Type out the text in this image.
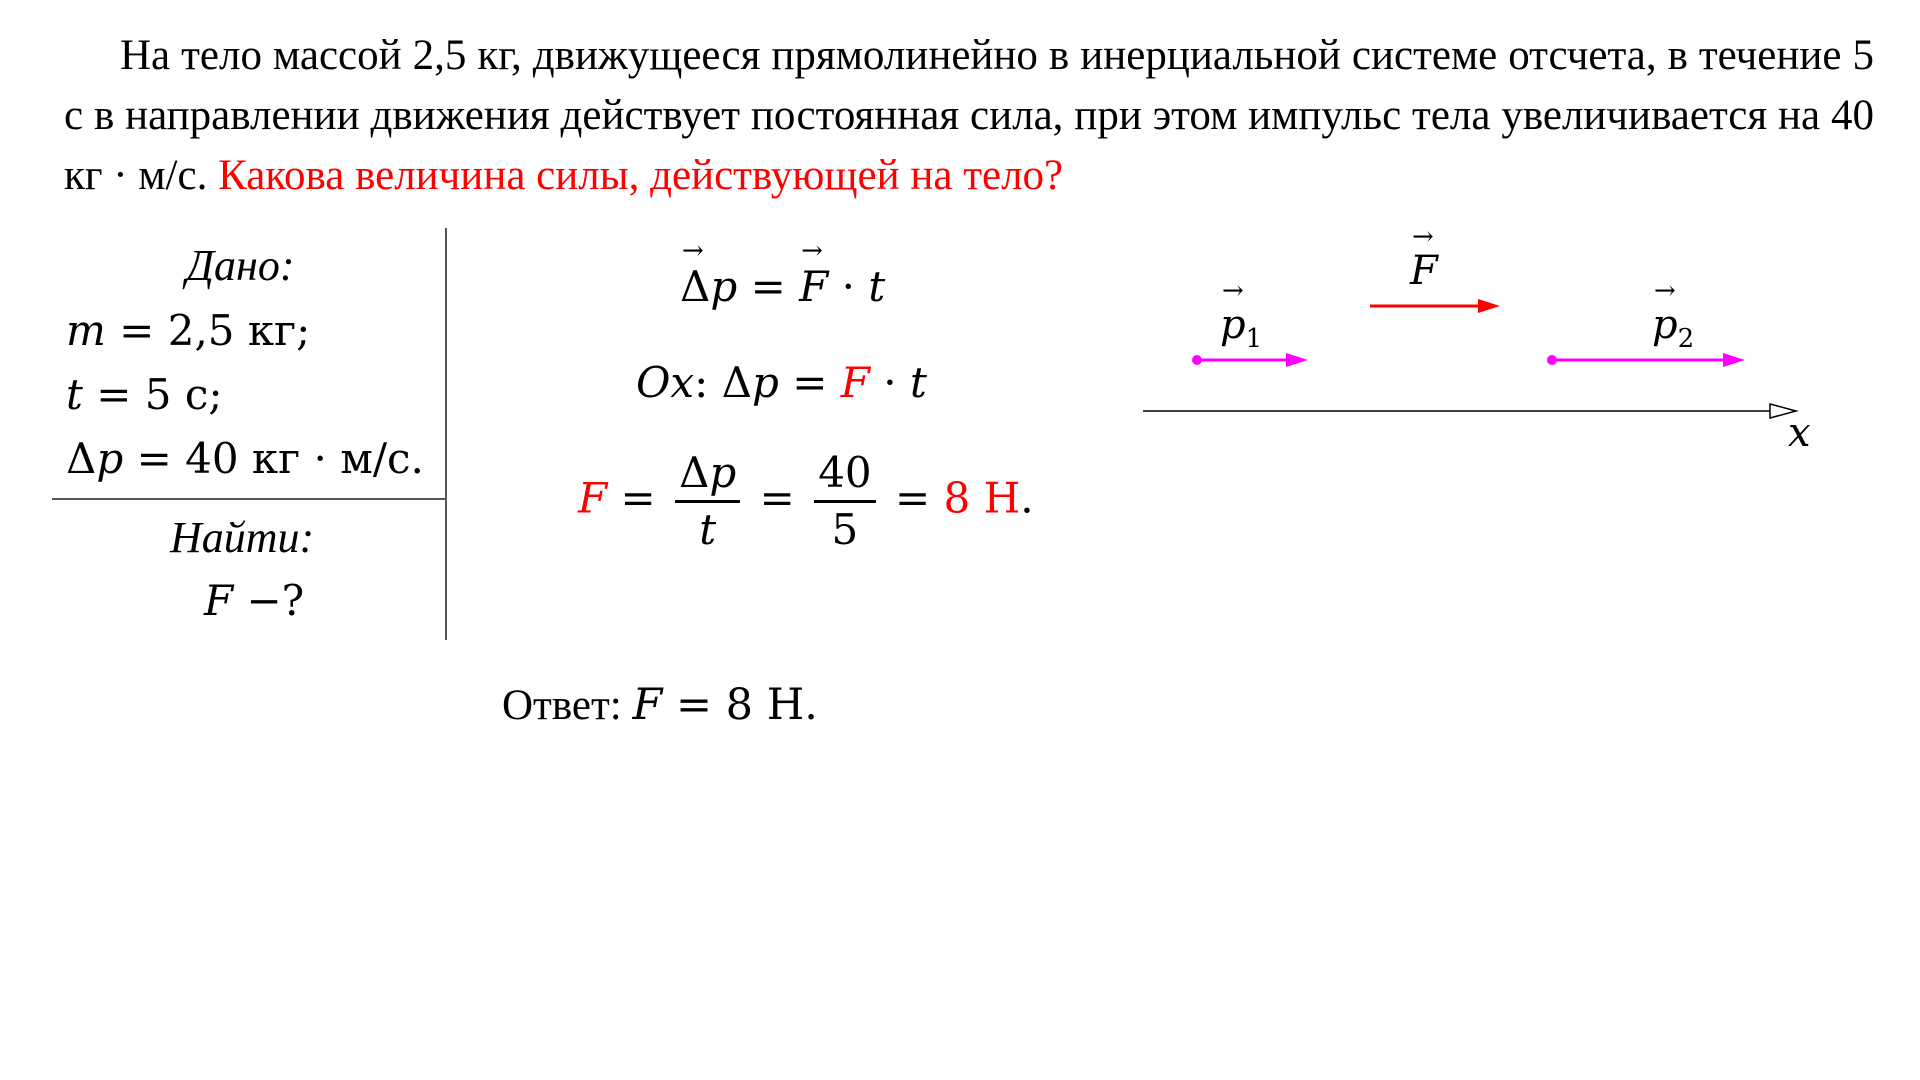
На тело массой 2,5 кг, движущееся прямолинейно в инерциальной системе отсчета, в течение 5 с в направлении движения действует постоянная сила, при этом импульс тела увеличивается на 40 кг · м/с. Какова величина силы, действующей на тело?
Дано:
𝑚 = 2,5 кг;
𝑡 = 5 с;
Δ𝑝 = 40 кг · м/с.
Найти:
𝐹 −?
→ Δ𝑝 = → 𝐹 · 𝑡
𝑂𝑥: Δ𝑝 = 𝐹 · 𝑡
𝐹 = $\frac{\text{Δ𝑝}}{\text{𝑡}} = \frac{40}{5} = 8$ Н.
Ответ: 𝐹 = 8 Н.
→ 𝐹
→ 𝑝$_1$
→	𝑝$_2$
𝑥
